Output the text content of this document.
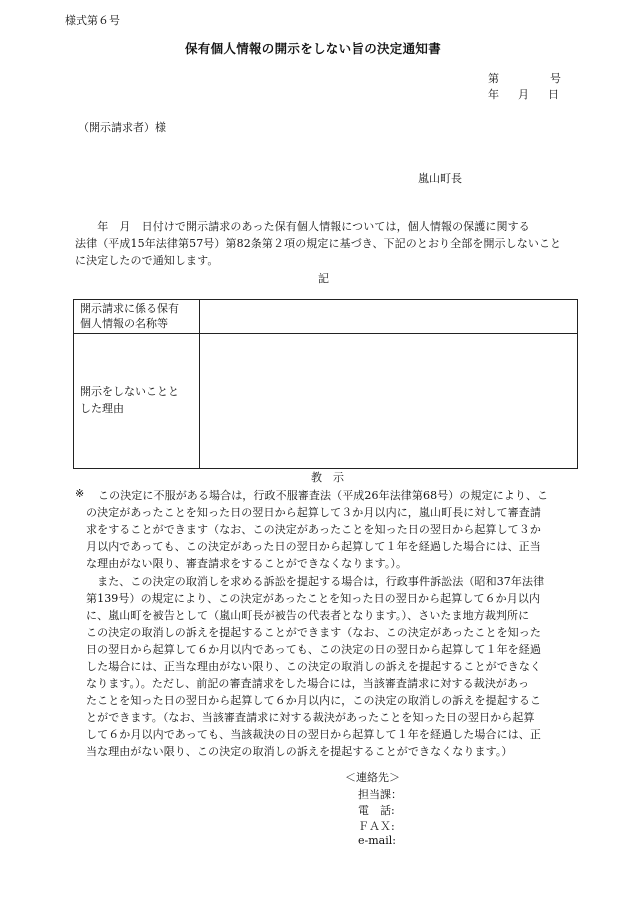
様式第６号
保有個人情報の開示をしない旨の決定通知書
第	号
年 月 日
（開示請求者）様
嵐山町長
　　年　月　日付けで開示請求のあった保有個人情報については，個人情報の保護に関する
法律（平成15年法律第57号）第82条第２項の規定に基づき、下記のとおり全部を開示しないこと
に決定したので通知します。
記
開示請求に係る保有
個人情報の名称等
開示をしないことと
した理由
教　示
※ この決定に不服がある場合は，行政不服審査法（平成26年法律第68号）の規定により、こ
の決定があったことを知った日の翌日から起算して３か月以内に，嵐山町長に対して審査請
求をすることができます（なお、この決定があったことを知った日の翌日から起算して３か
月以内であっても、この決定があった日の翌日から起算して１年を経過した場合には、正当
な理由がない限り、審査請求をすることができなくなります。）。
　また、この決定の取消しを求める訴訟を提起する場合は，行政事件訴訟法（昭和37年法律
第139号）の規定により、この決定があったことを知った日の翌日から起算して６か月以内
に、嵐山町を被告として（嵐山町長が被告の代表者となります。）、さいたま地方裁判所に
この決定の取消しの訴えを提起することができます（なお、この決定があったことを知った
日の翌日から起算して６か月以内であっても、この決定の日の翌日から起算して１年を経過
した場合には、正当な理由がない限り、この決定の取消しの訴えを提起することができなく
なります。）。ただし、前記の審査請求をした場合には，当該審査請求に対する裁決があっ
たことを知った日の翌日から起算して６か月以内に，この決定の取消しの訴えを提起するこ
とができます。（なお、当該審査請求に対する裁決があったことを知った日の翌日から起算
して６か月以内であっても、当該裁決の日の翌日から起算して１年を経過した場合には、正
当な理由がない限り、この決定の取消しの訴えを提起することができなくなります。）
＜連絡先＞
担当課：
電　話:
ＦＡＸ:
e-mail:
